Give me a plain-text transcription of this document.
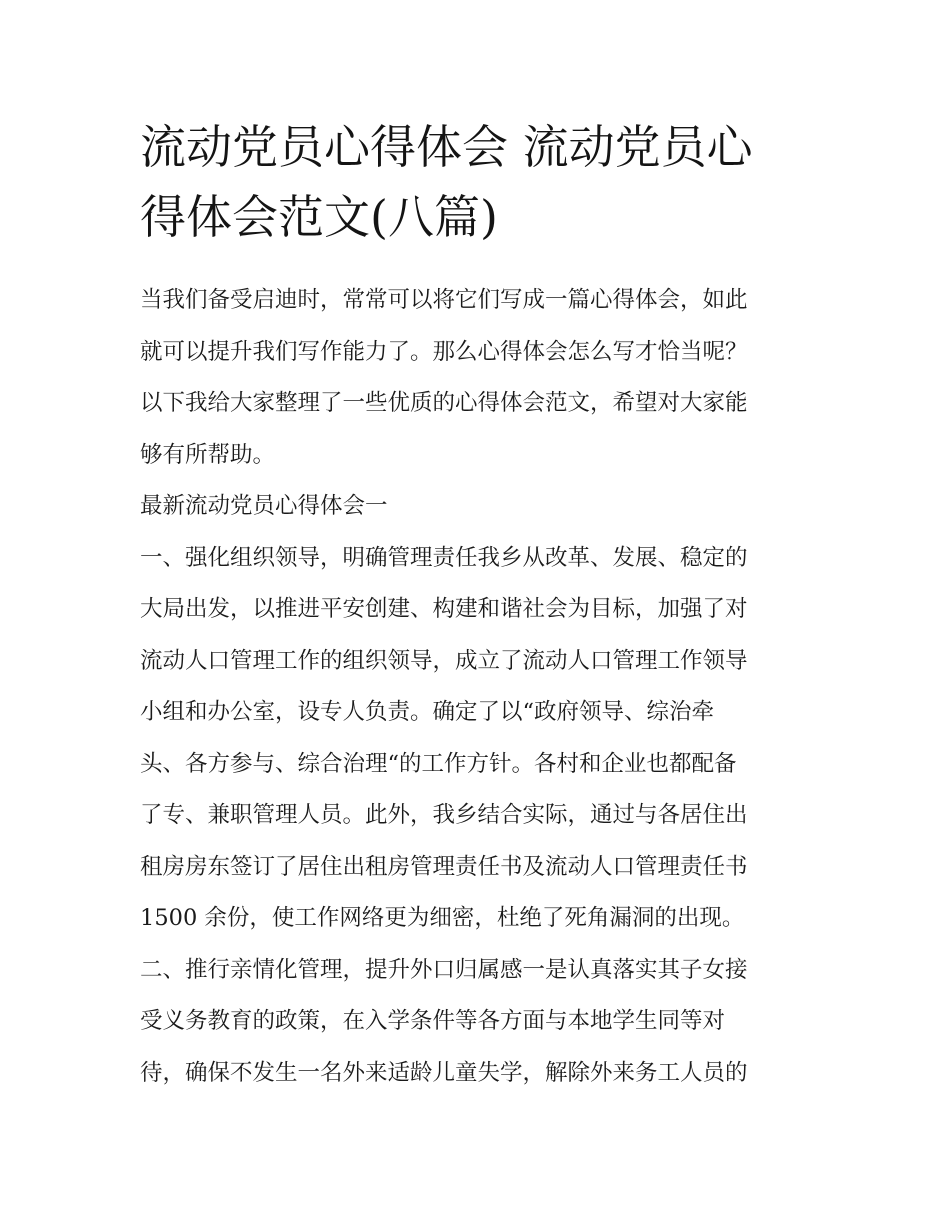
流动党员心得体会 流动党员心
得体会范文(八篇)
当我们备受启迪时，常常可以将它们写成一篇心得体会，如此
就可以提升我们写作能力了。那么心得体会怎么写才恰当呢？
以下我给大家整理了一些优质的心得体会范文，希望对大家能
够有所帮助。
最新流动党员心得体会一
一、强化组织领导，明确管理责任我乡从改革、发展、稳定的
大局出发，以推进平安创建、构建和谐社会为目标，加强了对
流动人口管理工作的组织领导，成立了流动人口管理工作领导
小组和办公室，设专人负责。确定了以“政府领导、综治牵
头、各方参与、综合治理“的工作方针。各村和企业也都配备
了专、兼职管理人员。此外，我乡结合实际，通过与各居住出
租房房东签订了居住出租房管理责任书及流动人口管理责任书
1500 余份，使工作网络更为细密，杜绝了死角漏洞的出现。
二、推行亲情化管理，提升外口归属感一是认真落实其子女接
受义务教育的政策，在入学条件等各方面与本地学生同等对
待，确保不发生一名外来适龄儿童失学，解除外来务工人员的
